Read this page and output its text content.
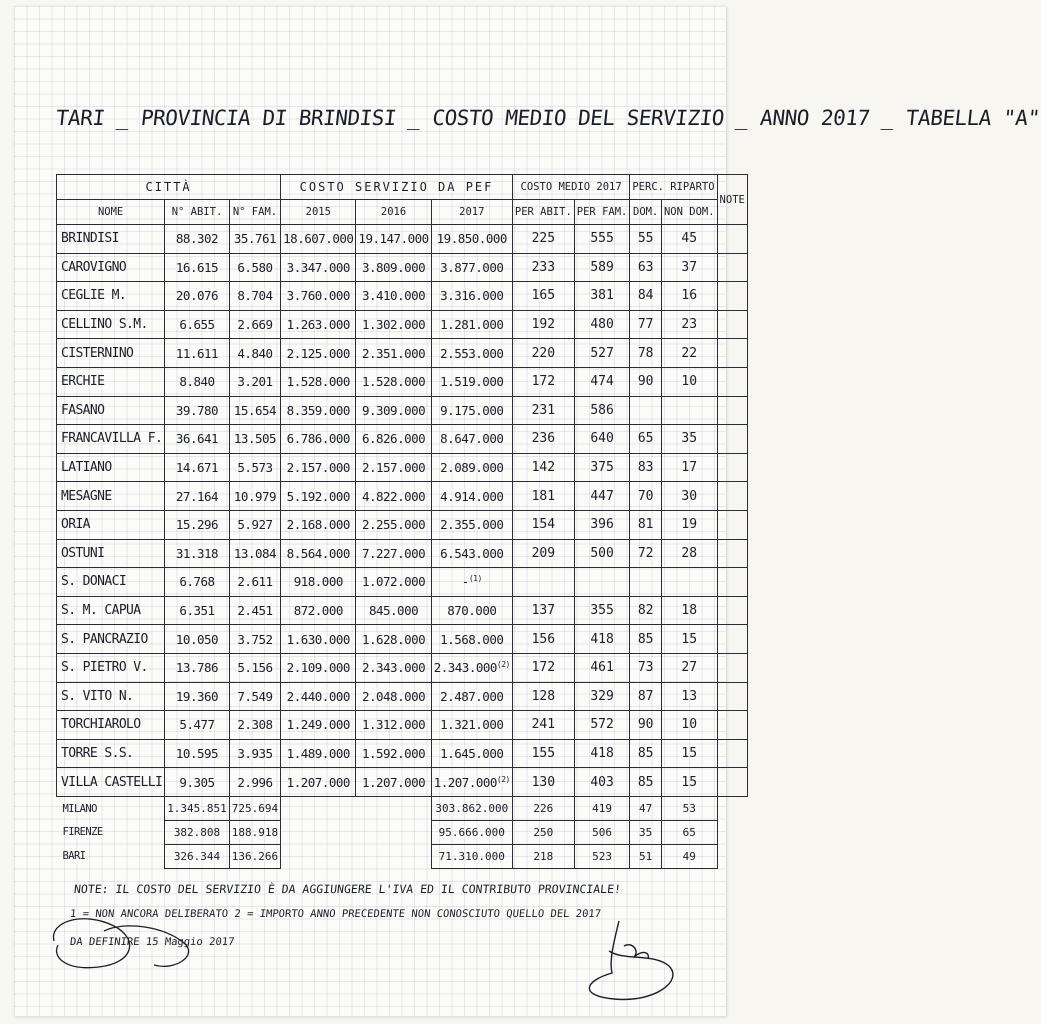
TARI _ PROVINCIA DI BRINDISI _ COSTO MEDIO DEL SERVIZIO _ ANNO 2017 _ TABELLA "A"
CITTÀ			COSTO SERVIZIO DA PEF			COSTO MEDIO 2017		PERC. RIPARTO		NOTE
NOME	N° ABIT.	N° FAM.	2015	2016	2017	PER ABIT.	PER FAM.	DOM.	NON DOM.	
BRINDISI	88.302	35.761	18.607.000	19.147.000	19.850.000	225	555	55	45	
CAROVIGNO	16.615	6.580	3.347.000	3.809.000	3.877.000	233	589	63	37	
CEGLIE M.	20.076	8.704	3.760.000	3.410.000	3.316.000	165	381	84	16	
CELLINO S.M.	6.655	2.669	1.263.000	1.302.000	1.281.000	192	480	77	23	
CISTERNINO	11.611	4.840	2.125.000	2.351.000	2.553.000	220	527	78	22	
ERCHIE	8.840	3.201	1.528.000	1.528.000	1.519.000	172	474	90	10	
FASANO	39.780	15.654	8.359.000	9.309.000	9.175.000	231	586			
FRANCAVILLA F.	36.641	13.505	6.786.000	6.826.000	8.647.000	236	640	65	35	
LATIANO	14.671	5.573	2.157.000	2.157.000	2.089.000	142	375	83	17	
MESAGNE	27.164	10.979	5.192.000	4.822.000	4.914.000	181	447	70	30	
ORIA	15.296	5.927	2.168.000	2.255.000	2.355.000	154	396	81	19	
OSTUNI	31.318	13.084	8.564.000	7.227.000	6.543.000	209	500	72	28	
S. DONACI	6.768	2.611	918.000	1.072.000	-$^{(1)}$					
S. M. CAPUA	6.351	2.451	872.000	845.000	870.000	137	355	82	18	
S. PANCRAZIO	10.050	3.752	1.630.000	1.628.000	1.568.000	156	418	85	15	
S. PIETRO V.	13.786	5.156	2.109.000	2.343.000	2.343.000$^{(2)}$	172	461	73	27	
S. VITO N.	19.360	7.549	2.440.000	2.048.000	2.487.000	128	329	87	13	
TORCHIAROLO	5.477	2.308	1.249.000	1.312.000	1.321.000	241	572	90	10	
TORRE S.S.	10.595	3.935	1.489.000	1.592.000	1.645.000	155	418	85	15	
VILLA CASTELLI	9.305	2.996	1.207.000	1.207.000	1.207.000$^{(2)}$	130	403	85	15	
MILANO	1.345.851	725.694			303.862.000	226	419	47	53	
FIRENZE	382.808	188.918			95.666.000	250	506	35	65	
BARI	326.344	136.266			71.310.000	218	523	51	49	
NOTE: IL COSTO DEL SERVIZIO È DA AGGIUNGERE L'IVA ED IL CONTRIBUTO PROVINCIALE!
1 = NON ANCORA DELIBERATO 2 = IMPORTO ANNO PRECEDENTE NON CONOSCIUTO QUELLO DEL 2017
DA DEFINIRE 15 Maggio 2017
